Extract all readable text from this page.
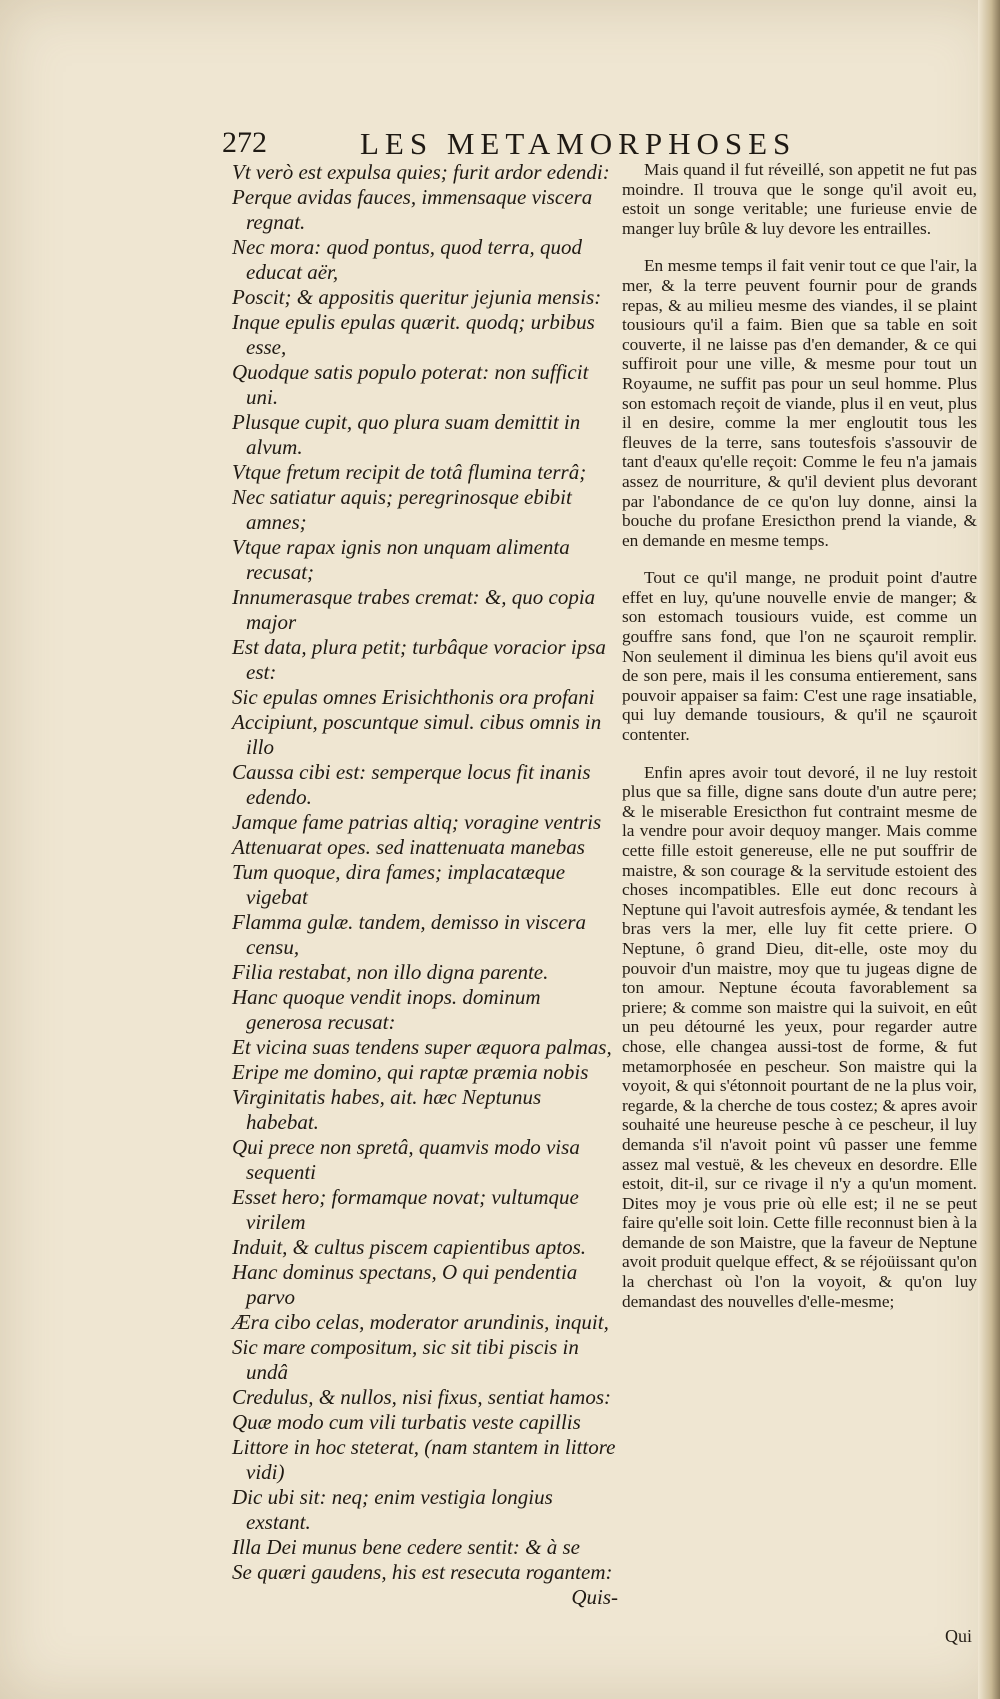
272	LES METAMORPHOSES
Vt verò est expulsa quies; furit ardor edendi:
Perque avidas fauces, immensaque viscera regnat.
Nec mora: quod pontus, quod terra, quod educat aër,
Poscit; & appositis queritur jejunia mensis:
Inque epulis epulas quærit. quodq; urbibus esse,
Quodque satis populo poterat: non sufficit uni.
Plusque cupit, quo plura suam demittit in alvum.
Vtque fretum recipit de totâ flumina terrâ;
Nec satiatur aquis; peregrinosque ebibit amnes;
Vtque rapax ignis non unquam alimenta recusat;
Innumerasque trabes cremat: &, quo copia major
Est data, plura petit; turbâque voracior ipsa est:
Sic epulas omnes Erisichthonis ora profani
Accipiunt, poscuntque simul. cibus omnis in illo
Caussa cibi est: semperque locus fit inanis edendo.
Jamque fame patrias altiq; voragine ventris
Attenuarat opes. sed inattenuata manebas
Tum quoque, dira fames; implacatæque vigebat
Flamma gulæ. tandem, demisso in viscera censu,
Filia restabat, non illo digna parente.
Hanc quoque vendit inops. dominum generosa recusat:
Et vicina suas tendens super æquora palmas,
Eripe me domino, qui raptæ præmia nobis
Virginitatis habes, ait. hæc Neptunus habebat.
Qui prece non spretâ, quamvis modo visa sequenti
Esset hero; formamque novat; vultumque virilem
Induit, & cultus piscem capientibus aptos.
Hanc dominus spectans, O qui pendentia parvo
Æra cibo celas, moderator arundinis, inquit,
Sic mare compositum, sic sit tibi piscis in undâ
Credulus, & nullos, nisi fixus, sentiat hamos:
Quæ modo cum vili turbatis veste capillis
Littore in hoc steterat, (nam stantem in littore vidi)
Dic ubi sit: neq; enim vestigia longius exstant.
Illa Dei munus bene cedere sentit: & à se
Se quæri gaudens, his est resecuta rogantem:
Quis-

Mais quand il fut réveillé, son appetit ne fut pas moindre. Il trouva que le songe qu'il avoit eu, estoit un songe veritable; une furieuse envie de manger luy brûle & luy devore les entrailles.

En mesme temps il fait venir tout ce que l'air, la mer, & la terre peuvent fournir pour de grands repas, & au milieu mesme des viandes, il se plaint tousiours qu'il a faim. Bien que sa table en soit couverte, il ne laisse pas d'en demander, & ce qui suffiroit pour une ville, & mesme pour tout un Royaume, ne suffit pas pour un seul homme. Plus son estomach reçoit de viande, plus il en veut, plus il en desire, comme la mer engloutit tous les fleuves de la terre, sans toutesfois s'assouvir de tant d'eaux qu'elle reçoit: Comme le feu n'a jamais assez de nourriture, & qu'il devient plus devorant par l'abondance de ce qu'on luy donne, ainsi la bouche du profane Eresicthon prend la viande, & en demande en mesme temps.

Tout ce qu'il mange, ne produit point d'autre effet en luy, qu'une nouvelle envie de manger; & son estomach tousiours vuide, est comme un gouffre sans fond, que l'on ne sçauroit remplir. Non seulement il diminua les biens qu'il avoit eus de son pere, mais il les consuma entierement, sans pouvoir appaiser sa faim: C'est une rage insatiable, qui luy demande tousiours, & qu'il ne sçauroit contenter.

Enfin apres avoir tout devoré, il ne luy restoit plus que sa fille, digne sans doute d'un autre pere; & le miserable Eresicthon fut contraint mesme de la vendre pour avoir dequoy manger. Mais comme cette fille estoit genereuse, elle ne put souffrir de maistre, & son courage & la servitude estoient des choses incompatibles. Elle eut donc recours à Neptune qui l'avoit autresfois aymée, & tendant les bras vers la mer, elle luy fit cette priere. O Neptune, ô grand Dieu, dit-elle, oste moy du pouvoir d'un maistre, moy que tu jugeas digne de ton amour. Neptune écouta favorablement sa priere; & comme son maistre qui la suivoit, en eût un peu détourné les yeux, pour regarder autre chose, elle changea aussi-tost de forme, & fut metamorphosée en pescheur. Son maistre qui la voyoit, & qui s'étonnoit pourtant de ne la plus voir, regarde, & la cherche de tous costez; & apres avoir souhaité une heureuse pesche à ce pescheur, il luy demanda s'il n'avoit point vû passer une femme assez mal vestuë, & les cheveux en desordre. Elle estoit, dit-il, sur ce rivage il n'y a qu'un moment. Dites moy je vous prie où elle est; il ne se peut faire qu'elle soit loin. Cette fille reconnust bien à la demande de son Maistre, que la faveur de Neptune avoit produit quelque effect, & se réjoüissant qu'on la cherchast où l'on la voyoit, & qu'on luy demandast des nouvelles d'elle-mesme;

Qui
